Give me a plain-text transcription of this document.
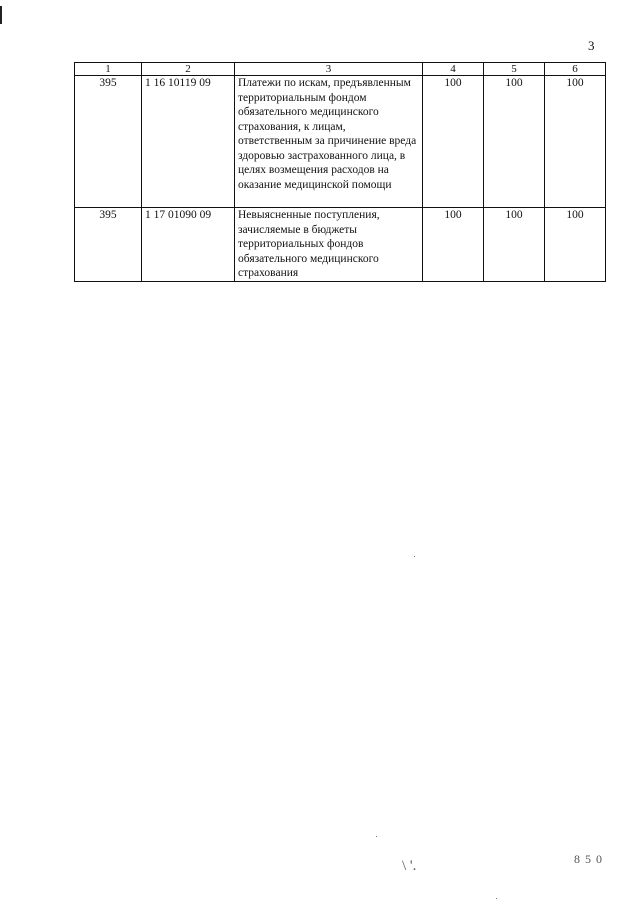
3
1	2	3	4	5	6
395	1 16 10119 09	Платежи по искам, предъявленным территориальным фондом обязательного медицинского страхования, к лицам, ответственным за причинение вреда здоровью застрахованного лица, в целях возмещения расходов на оказание медицинской помощи	100	100	100
395	1 17 01090 09	Невыясненные поступления, зачисляемые в бюджеты территориальных фондов обязательного медицинского страхования	100	100	100
\ '.	8 5 0
